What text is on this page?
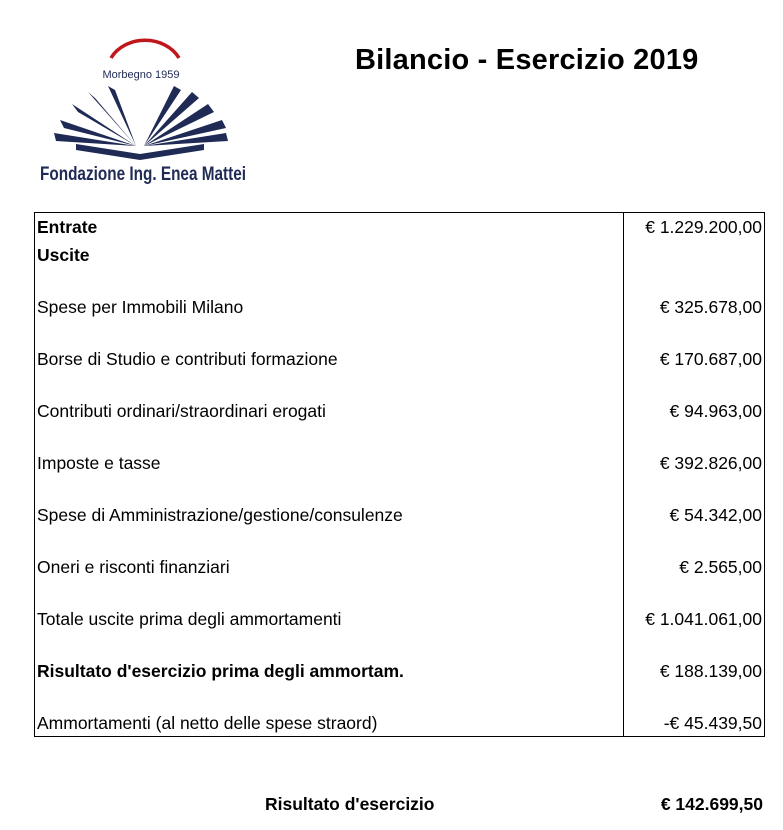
Morbegno 1959
Fondazione Ing. Enea Mattei
Bilancio - Esercizio 2019
Entrate	€ 1.229.200,00
Uscite
Spese per Immobili Milano	€ 325.678,00
Borse di Studio e contributi formazione	€ 170.687,00
Contributi ordinari/straordinari erogati	€ 94.963,00
Imposte e tasse	€ 392.826,00
Spese di Amministrazione/gestione/consulenze	€ 54.342,00
Oneri e risconti finanziari	€ 2.565,00
Totale uscite prima degli ammortamenti	€ 1.041.061,00
Risultato d'esercizio prima degli ammortam.	€ 188.139,00
Ammortamenti (al netto delle spese straord)	-€ 45.439,50
Risultato d'esercizio	€ 142.699,50
